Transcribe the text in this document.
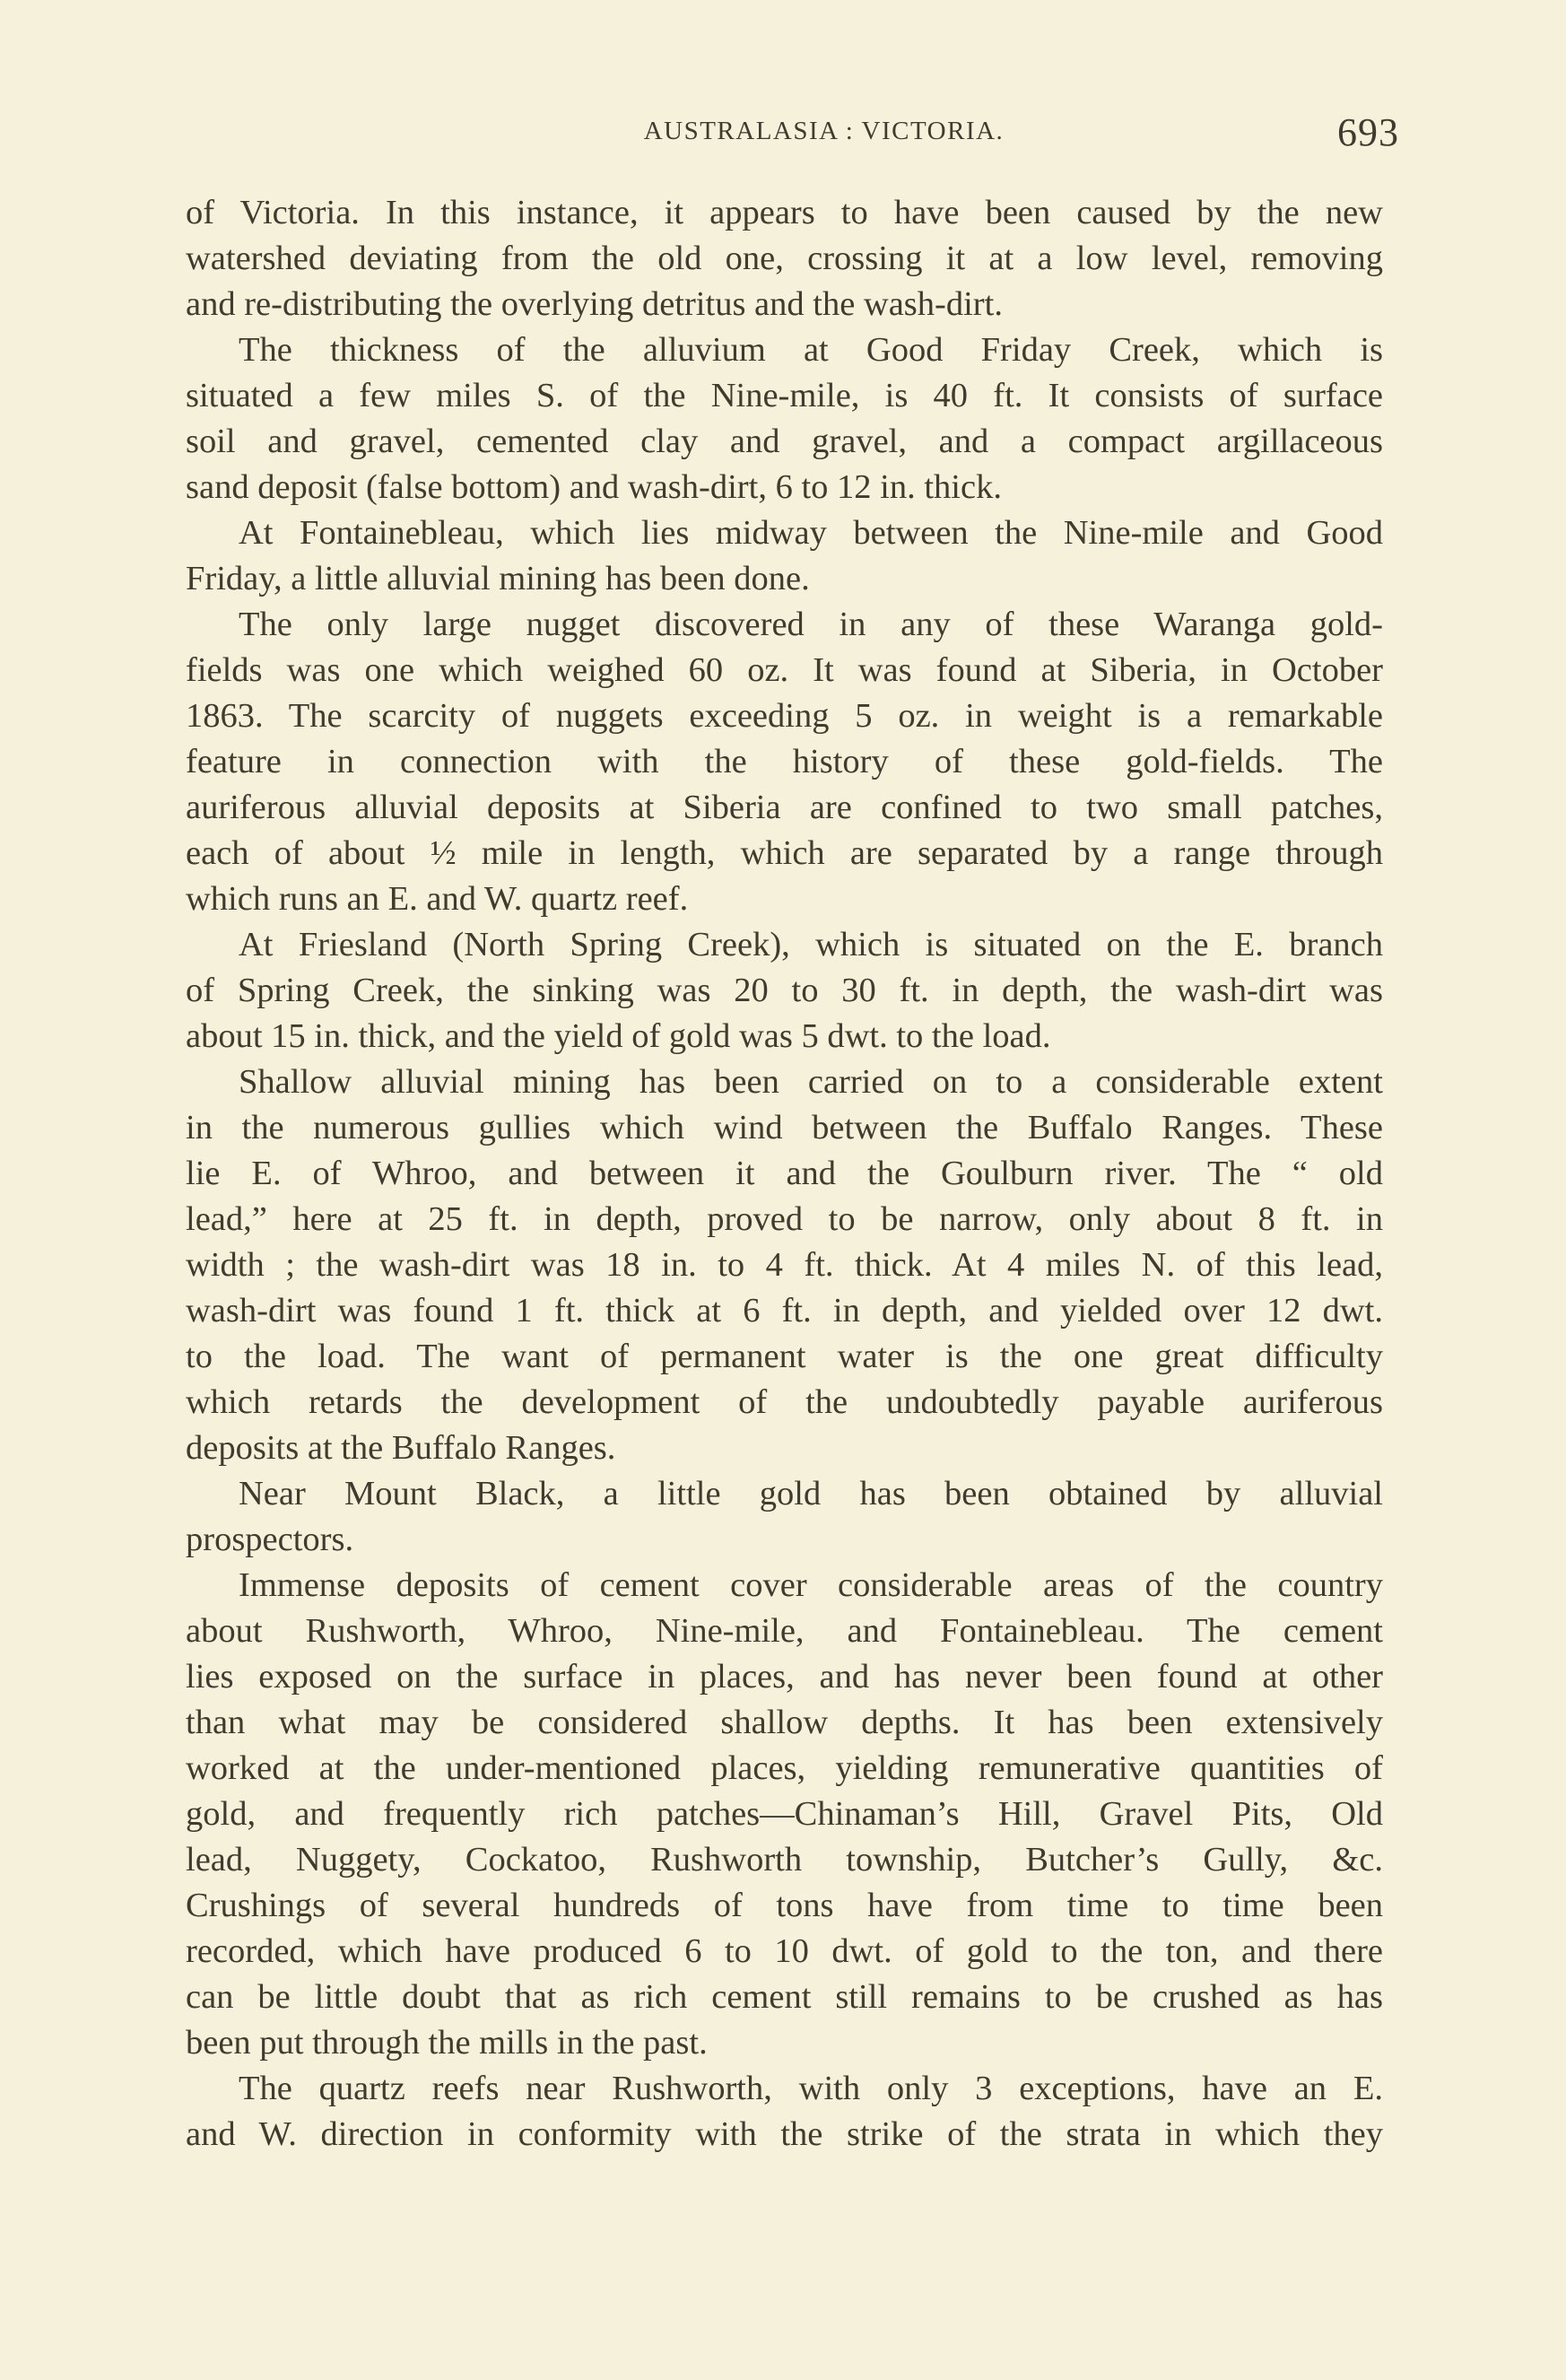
AUSTRALASIA : VICTORIA.	693
of Victoria. In this instance, it appears to have been caused by the new
watershed deviating from the old one, crossing it at a low level, removing
and re-distributing the overlying detritus and the wash-dirt.
The thickness of the alluvium at Good Friday Creek, which is
situated a few miles S. of the Nine-mile, is 40 ft. It consists of surface
soil and gravel, cemented clay and gravel, and a compact argillaceous
sand deposit (false bottom) and wash-dirt, 6 to 12 in. thick.
At Fontainebleau, which lies midway between the Nine-mile and Good
Friday, a little alluvial mining has been done.
The only large nugget discovered in any of these Waranga gold-
fields was one which weighed 60 oz. It was found at Siberia, in October
1863. The scarcity of nuggets exceeding 5 oz. in weight is a remarkable
feature in connection with the history of these gold-fields. The
auriferous alluvial deposits at Siberia are confined to two small patches,
each of about ½ mile in length, which are separated by a range through
which runs an E. and W. quartz reef.
At Friesland (North Spring Creek), which is situated on the E. branch
of Spring Creek, the sinking was 20 to 30 ft. in depth, the wash-dirt was
about 15 in. thick, and the yield of gold was 5 dwt. to the load.
Shallow alluvial mining has been carried on to a considerable extent
in the numerous gullies which wind between the Buffalo Ranges. These
lie E. of Whroo, and between it and the Goulburn river. The “ old
lead,” here at 25 ft. in depth, proved to be narrow, only about 8 ft. in
width ; the wash-dirt was 18 in. to 4 ft. thick. At 4 miles N. of this lead,
wash-dirt was found 1 ft. thick at 6 ft. in depth, and yielded over 12 dwt.
to the load. The want of permanent water is the one great difficulty
which retards the development of the undoubtedly payable auriferous
deposits at the Buffalo Ranges.
Near Mount Black, a little gold has been obtained by alluvial
prospectors.
Immense deposits of cement cover considerable areas of the country
about Rushworth, Whroo, Nine-mile, and Fontainebleau. The cement
lies exposed on the surface in places, and has never been found at other
than what may be considered shallow depths. It has been extensively
worked at the under-mentioned places, yielding remunerative quantities of
gold, and frequently rich patches—Chinaman’s Hill, Gravel Pits, Old
lead, Nuggety, Cockatoo, Rushworth township, Butcher’s Gully, &c.
Crushings of several hundreds of tons have from time to time been
recorded, which have produced 6 to 10 dwt. of gold to the ton, and there
can be little doubt that as rich cement still remains to be crushed as has
been put through the mills in the past.
The quartz reefs near Rushworth, with only 3 exceptions, have an E.
and W. direction in conformity with the strike of the strata in which they
